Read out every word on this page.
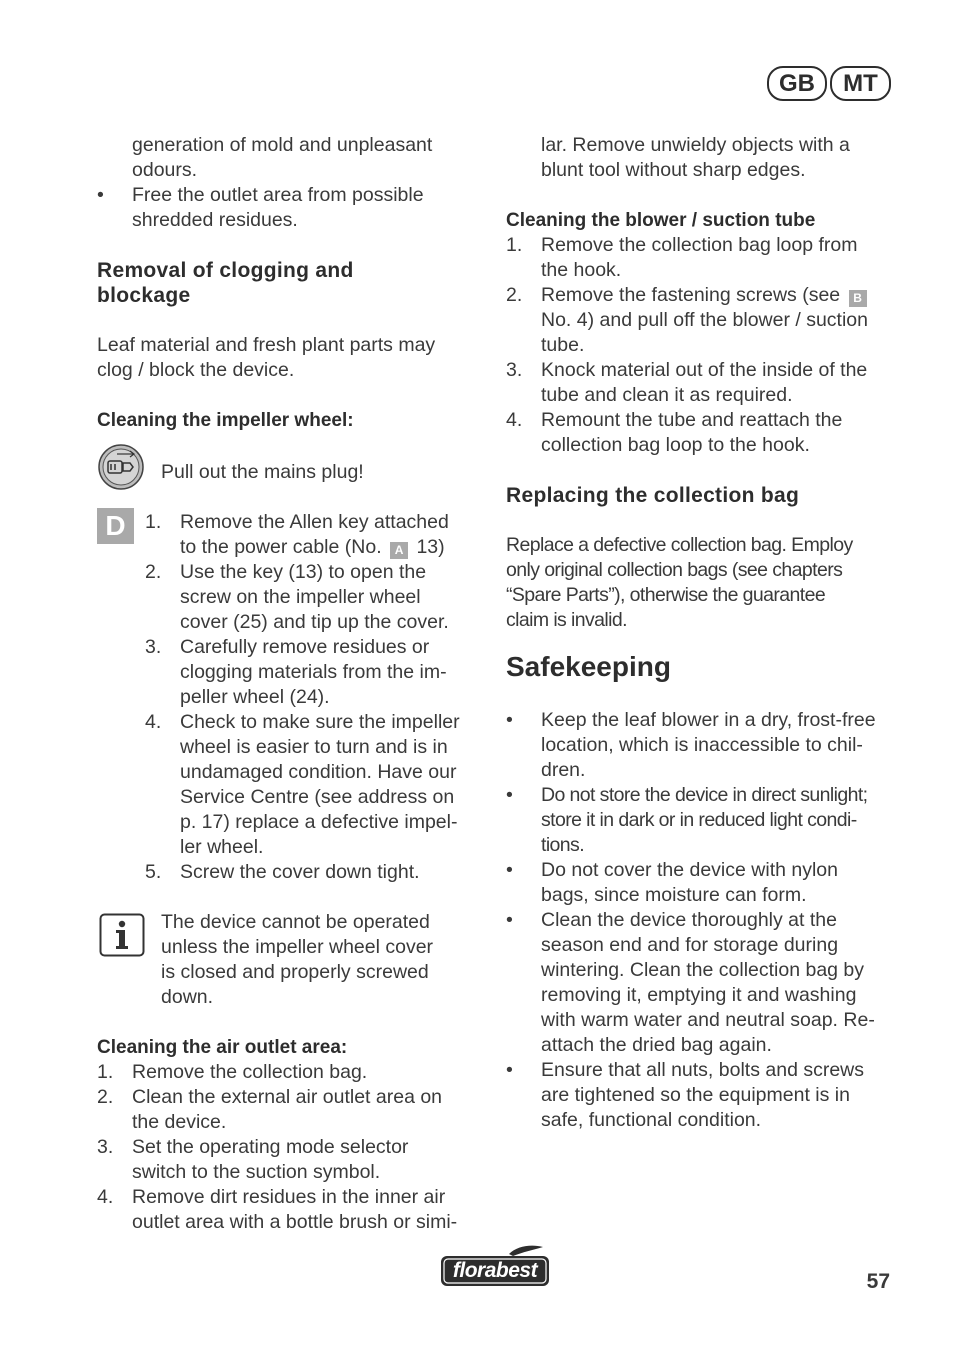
GB	MT
generation of mold and unpleasant
odours.
• Free the outlet area from possible
shredded residues.
Removal of clogging and
blockage
Leaf material and fresh plant parts may
clog / block the device.
Cleaning the impeller wheel:
Pull out the mains plug!
D 1. Remove the Allen key attached
to the power cable (No. A 13)
2. Use the key (13) to open the
screw on the impeller wheel
cover (25) and tip up the cover.
3. Carefully remove residues or
clogging materials from the im-
peller wheel (24).
4. Check to make sure the impeller
wheel is easier to turn and is in
undamaged condition. Have our
Service Centre (see address on
p. 17) replace a defective impel-
ler wheel.
5. Screw the cover down tight.
The device cannot be operated
unless the impeller wheel cover
is closed and properly screwed
down.
Cleaning the air outlet area:
1. Remove the collection bag.
2. Clean the external air outlet area on
the device.
3. Set the operating mode selector
switch to the suction symbol.
4. Remove dirt residues in the inner air
outlet area with a bottle brush or simi-
lar. Remove unwieldy objects with a
blunt tool without sharp edges.
Cleaning the blower / suction tube
1. Remove the collection bag loop from
the hook.
2. Remove the fastening screws (see B
No. 4) and pull off the blower / suction
tube.
3. Knock material out of the inside of the
tube and clean it as required.
4. Remount the tube and reattach the
collection bag loop to the hook.
Replacing the collection bag
Replace a defective collection bag. Employ
only original collection bags (see chapters
“Spare Parts”), otherwise the guarantee
claim is invalid.
Safekeeping
• Keep the leaf blower in a dry, frost-free
location, which is inaccessible to chil-
dren.
• Do not store the device in direct sunlight;
store it in dark or in reduced light condi-
tions.
• Do not cover the device with nylon
bags, since moisture can form.
• Clean the device thoroughly at the
season end and for storage during
wintering. Clean the collection bag by
removing it, emptying it and washing
with warm water and neutral soap. Re-
attach the dried bag again.
• Ensure that all nuts, bolts and screws
are tightened so the equipment is in
safe, functional condition.
florabest	57
